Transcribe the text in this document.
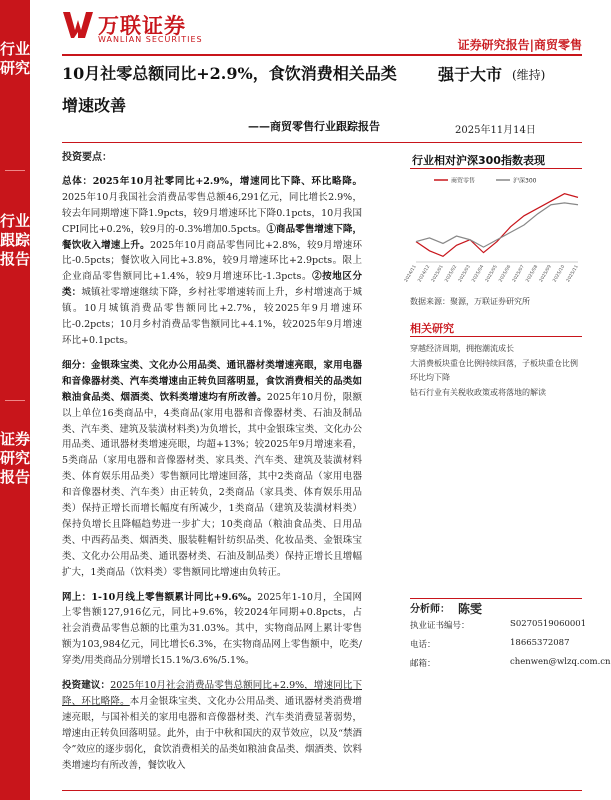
行业研究
行业跟踪报告
证券研究报告
万联证券
WANLIAN SECURITIES	证券研究报告|商贸零售
10月社零总额同比+2.9%，食饮消费相关品类增速改善
——商贸零售行业跟踪报告
强于大市 (维持)
2025年11月14日
投资要点：

总体：2025年10月社零同比+2.9%，增速同比下降、环比略降。2025年10月我国社会消费品零售总额46,291亿元，同比增长2.9%，较去年同期增速下降1.9pcts，较9月增速环比下降0.1pcts，10月我国CPI同比+0.2%，较9月的-0.3%增加0.5pcts。①商品零售增速下降，餐饮收入增速上升。2025年10月商品零售同比+2.8%，较9月增速环比-0.5pcts；餐饮收入同比+3.8%，较9月增速环比+2.9pcts。限上企业商品零售额同比+1.4%，较9月增速环比-1.3pcts。②按地区分类：城镇社零增速继续下降，乡村社零增速转而上升，乡村增速高于城镇。10月城镇消费品零售额同比+2.7%，较2025年9月增速环比-0.2pcts；10月乡村消费品零售额同比+4.1%，较2025年9月增速环比+0.1pcts。

细分：金银珠宝类、文化办公用品类、通讯器材类增速亮眼，家用电器和音像器材类、汽车类增速由正转负回落明显，食饮消费相关的品类如粮油食品类、烟酒类、饮料类增速均有所改善。2025年10月份，限额以上单位16类商品中，4类商品(家用电器和音像器材类、石油及制品类、汽车类、建筑及装潢材料类)为负增长，其中金银珠宝类、文化办公用品类、通讯器材类增速亮眼，均超+13%；较2025年9月增速来看，5类商品（家用电器和音像器材类、家具类、汽车类、建筑及装潢材料类、体育娱乐用品类）零售额同比增速回落，其中2类商品（家用电器和音像器材类、汽车类）由正转负，2类商品（家具类、体育娱乐用品类）保持正增长而增长幅度有所减少，1类商品（建筑及装潢材料类）保持负增长且降幅趋势进一步扩大；10类商品（粮油食品类、日用品类、中西药品类、烟酒类、服装鞋帽针纺织品类、化妆品类、金银珠宝类、文化办公用品类、通讯器材类、石油及制品类）保持正增长且增幅扩大，1类商品（饮料类）零售额同比增速由负转正。

网上：1-10月线上零售额累计同比+9.6%。2025年1-10月，全国网上零售额127,916亿元，同比+9.6%，较2024年同期+0.8pcts，占社会消费品零售总额的比重为31.03%。其中，实物商品网上累计零售额为103,984亿元，同比增长6.3%，在实物商品网上零售额中，吃类/穿类/用类商品分别增长15.1%/3.6%/5.1%。

投资建议：2025年10月社会消费品零售总额同比+2.9%，增速同比下降、环比略降。本月金银珠宝类、文化办公用品类、通讯器材类消费增速亮眼，与国补相关的家用电器和音像器材类、汽车类消费显著弱势，增速由正转负回落明显。此外，由于中秋和国庆的双节效应，以及“禁酒令”效应的逐步弱化，食饮消费相关的品类如粮油食品类、烟酒类、饮料类增速均有所改善，餐饮收入

行业相对沪深300指数表现
商贸零售	沪深300
2024/11 2024/12 2025/01 2025/02 2025/03 2025/04 2025/05 2025/06 2025/07 2025/08 2025/09 2025/10 2025/11
数据来源：聚源，万联证券研究所
相关研究
穿越经济周期，拥抱潮流成长
大消费板块重仓比例持续回落，子板块重仓比例环比均下降
钻石行业有关税收政策或将落地的解读
分析师： 陈雯
执业证书编号：	S0270519060001
电话：	18665372087
邮箱：	chenwen@wlzq.com.cn
